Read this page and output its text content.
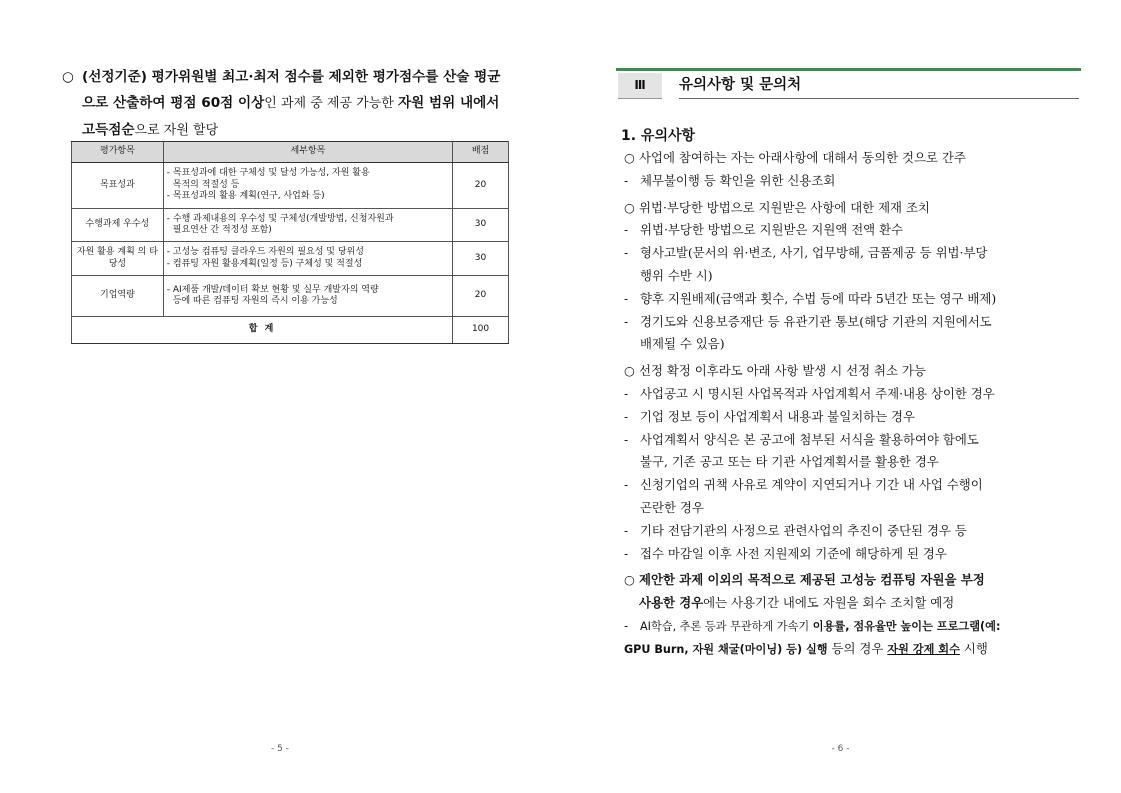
○ (선정기준) 평가위원별 최고·최저 점수를 제외한 평가점수를 산술 평균으로 산출하여 평점 60점 이상인 과제 중 제공 가능한 자원 범위 내에서 고득점순으로 자원 할당
평가항목	세부항목	배점
목표성과	- 목표성과에 대한 구체성 및 달성 가능성, 자원 활용
목적의 적절성 등
- 목표성과의 활용 계획(연구, 사업화 등)	20
수행과제 우수성	- 수행 과제내용의 우수성 및 구체성(개발방법, 신청자원과
필요연산 간 적정성 포함)	30
자원 활용 계획 의 타당성	- 고성능 컴퓨팅 클라우드 자원의 필요성 및 당위성
- 컴퓨팅 자원 활용계획(일정 등) 구체성 및 적절성	30
기업역량	- AI제품 개발/데이터 확보 현황 및 실무 개발자의 역량
등에 따른 컴퓨팅 자원의 즉시 이용 가능성	20
합 계		100
- 5 -
Ⅲ	유의사항 및 문의처
1. 유의사항
○ 사업에 참여하는 자는 아래사항에 대해서 동의한 것으로 간주
- 체무불이행 등 확인을 위한 신용조회
○ 위법·부당한 방법으로 지원받은 사항에 대한 제재 조치
- 위법·부당한 방법으로 지원받은 지원액 전액 환수
- 형사고발(문서의 위·변조, 사기, 업무방해, 금품제공 등 위법·부당
행위 수반 시)
- 향후 지원배제(금액과 횟수, 수법 등에 따라 5년간 또는 영구 배제)
- 경기도와 신용보증재단 등 유관기관 통보(해당 기관의 지원에서도
배제될 수 있음)
○ 선정 확정 이후라도 아래 사항 발생 시 선정 취소 가능
- 사업공고 시 명시된 사업목적과 사업계획서 주제·내용 상이한 경우
- 기업 정보 등이 사업계획서 내용과 불일치하는 경우
- 사업계획서 양식은 본 공고에 첨부된 서식을 활용하여야 함에도
불구, 기존 공고 또는 타 기관 사업계획서를 활용한 경우
- 신청기업의 귀책 사유로 계약이 지연되거나 기간 내 사업 수행이
곤란한 경우
- 기타 전담기관의 사정으로 관련사업의 추진이 중단된 경우 등
- 접수 마감일 이후 사전 지원제외 기준에 해당하게 된 경우
○ 제안한 과제 이외의 목적으로 제공된 고성능 컴퓨팅 자원을 부정
사용한 경우에는 사용기간 내에도 자원을 회수 조치할 예정
- AI학습, 추론 등과 무관하게 가속기 이용률, 점유율만 높이는 프로그램(예:
GPU Burn, 자원 채굴(마이닝) 등) 실행 등의 경우 자원 강제 회수 시행
- 6 -
